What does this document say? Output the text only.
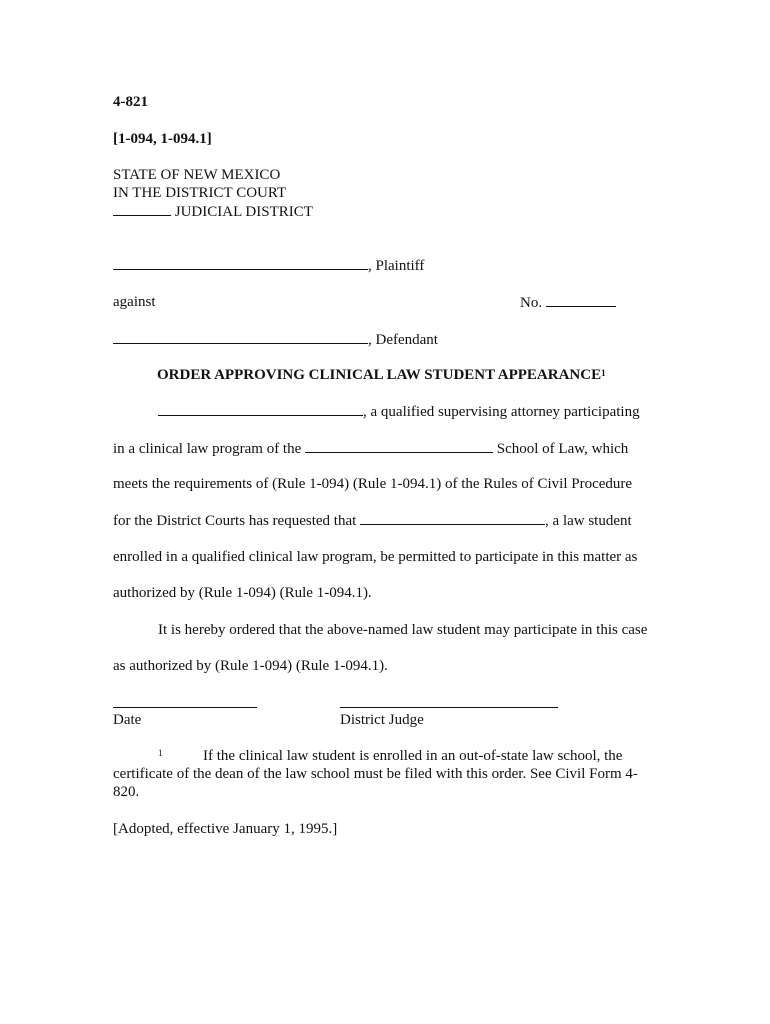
4-821
[1-094, 1-094.1]
STATE OF NEW MEXICO
IN THE DISTRICT COURT
JUDICIAL DISTRICT
, Plaintiff
against	No.
, Defendant
ORDER APPROVING CLINICAL LAW STUDENT APPEARANCE$^1$
, a qualified supervising attorney participating
in a clinical law program of the	School of Law, which
meets the requirements of (Rule 1-094) (Rule 1-094.1) of the Rules of Civil Procedure
for the District Courts has requested that	, a law student
enrolled in a qualified clinical law program, be permitted to participate in this matter as
authorized by (Rule 1-094) (Rule 1-094.1).
It is hereby ordered that the above-named law student may participate in this case
as authorized by (Rule 1-094) (Rule 1-094.1).
Date	District Judge
1	If the clinical law student is enrolled in an out-of-state law school, the
certificate of the dean of the law school must be filed with this order. See Civil Form 4-
820.
[Adopted, effective January 1, 1995.]
